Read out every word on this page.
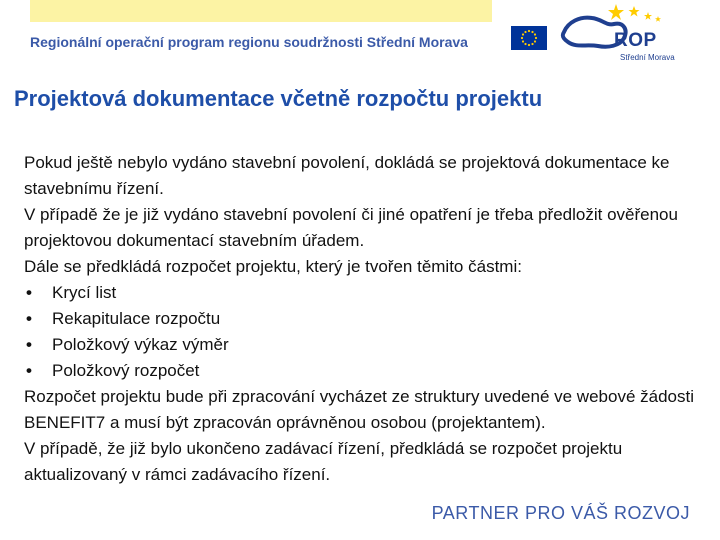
Regionální operační program regionu soudržnosti Střední Morava	ROP
Střední Morava
Projektová dokumentace včetně rozpočtu projektu

Pokud ještě nebylo vydáno stavební povolení, dokládá se projektová dokumentace ke stavebnímu řízení.

V případě že je již vydáno stavební povolení či jiné opatření je třeba předložit ověřenou projektovou dokumentací stavebním úřadem.

Dále se předkládá rozpočet projektu, který je tvořen těmito částmi:

• Krycí list
• Rekapitulace rozpočtu
• Položkový výkaz výměr
• Položkový rozpočet

Rozpočet projektu bude při zpracování vycházet ze struktury uvedené ve webové žádosti BENEFIT7 a musí být zpracován oprávněnou osobou (projektantem).

V případě, že již bylo ukončeno zadávací řízení, předkládá se rozpočet projektu aktualizovaný v rámci zadávacího řízení.

PARTNER PRO VÁŠ ROZVOJ
